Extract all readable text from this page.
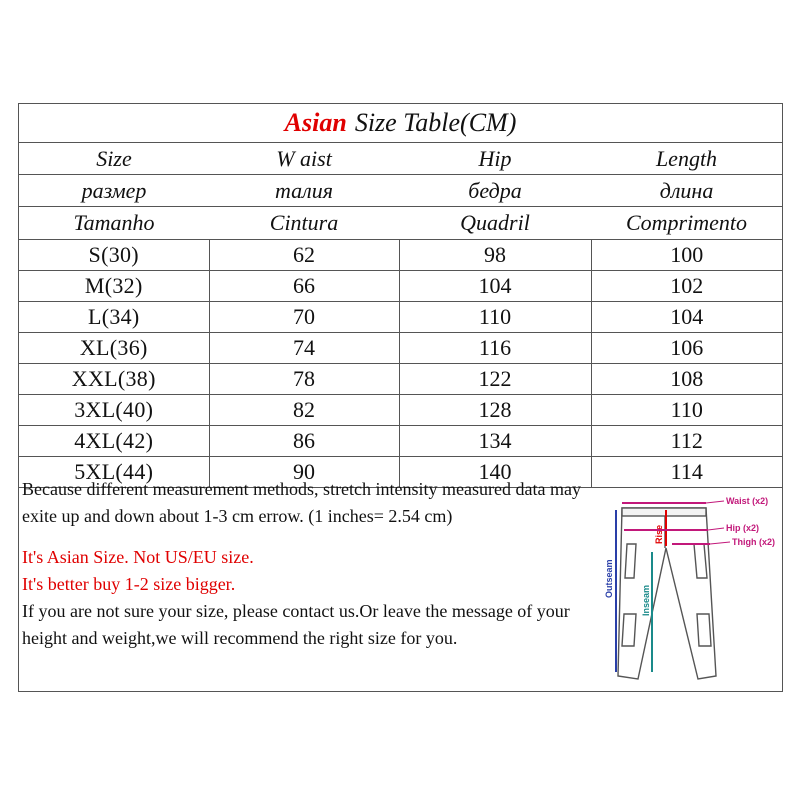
Asian Size Table(CM)			
Size	W aist	Hip	Length
размер	талия	бедра	длина
Tamanho	Cintura	Quadril	Comprimento
S(30)	62	98	100
M(32)	66	104	102
L(34)	70	110	104
XL(36)	74	116	106
XXL(38)	78	122	108
3XL(40)	82	128	110
4XL(42)	86	134	112
5XL(44)	90	140	114

Because different measurement methods, stretch intensity measured data may exite up and down about 1-3 cm errow. (1 inches= 2.54 cm)

It's Asian Size. Not US/EU size.

It's better buy 1-2 size bigger.

If you are not sure your size, please contact us.Or leave the message of your height and weight,we will recommend the right size for you.

Waist (x2)
Rise	Hip (x2)
Thigh (x2)
Outseam
Inseam
